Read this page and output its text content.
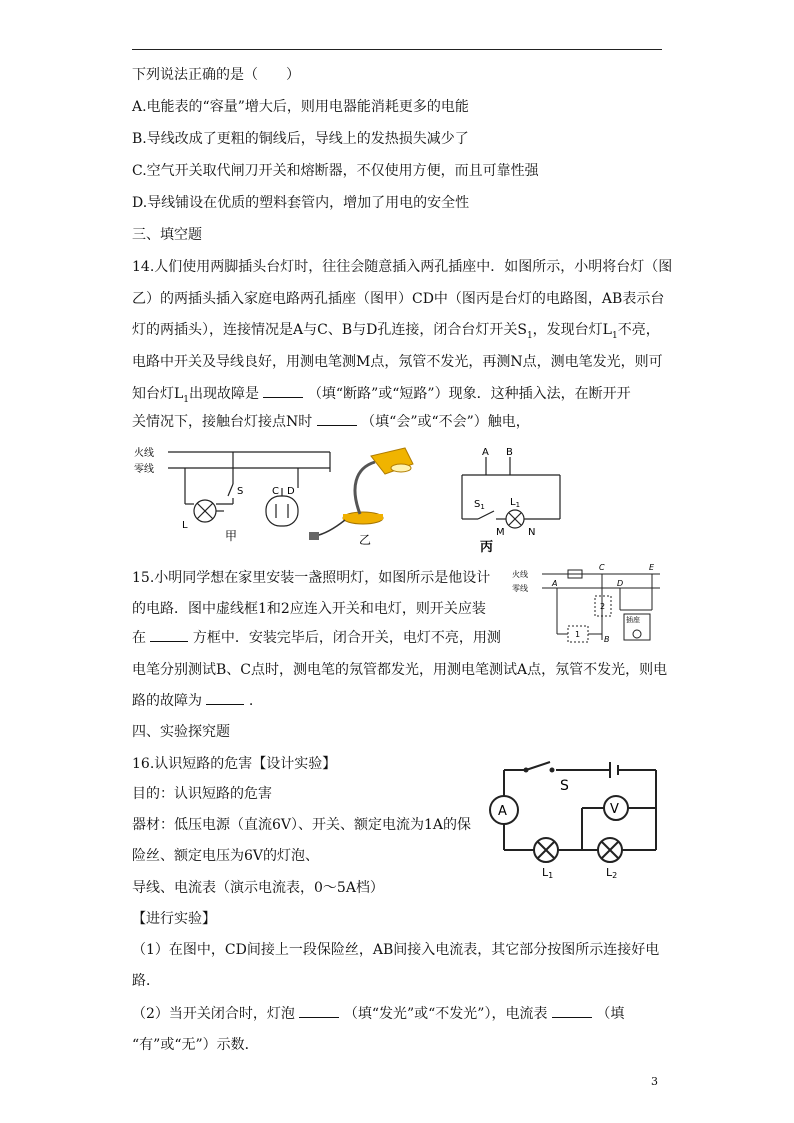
下列说法正确的是（　　）
A.电能表的“容量”增大后，则用电器能消耗更多的电能
B.导线改成了更粗的铜线后，导线上的发热损失减少了
C.空气开关取代闸刀开关和熔断器，不仅使用方便，而且可靠性强
D.导线铺设在优质的塑料套管内，增加了用电的安全性
三、填空题
14.人们使用两脚插头台灯时，往往会随意插入两孔插座中．如图所示，小明将台灯（图
乙）的两插头插入家庭电路两孔插座（图甲）CD中（图丙是台灯的电路图，AB表示台
灯的两插头），连接情况是A与C、B与D孔连接，闭合台灯开关$S_1$，发现台灯$L_1$不亮，
电路中开关及导线良好，用测电笔测M点，氖管不发光，再测N点，测电笔发光，则可
知台灯$L_1$出现故障是	（填“断路”或“短路”）现象．这种插入法，在断开开
关情况下，接触台灯接点N时	（填“会”或“不会”）触电，
火线
零线
C D
S
L
甲	乙
A B
$S_1$	$L_1$
M N
丙
15.小明同学想在家里安装一盏照明灯，如图所示是他设计
的电路．图中虚线框1和2应连入开关和电灯，则开关应装
在	方框中．安装完毕后，闭合开关，电灯不亮，用测
电笔分别测试B、C点时，测电笔的氖管都发光，用测电笔测试A点，氖管不发光，则电
路的故障为	.
火线
零线
A
B
C
D
E
1
2
插座
四、实验探究题
16.认识短路的危害【设计实验】
目的：认识短路的危害
器材：低压电源（直流6V）、开关、额定电流为1A的保
险丝、额定电压为6V的灯泡、
导线、电流表（演示电流表，0～5A档）
【进行实验】
（1）在图中，CD间接上一段保险丝，AB间接入电流表，其它部分按图所示连接好电
路．
（2）当开关闭合时，灯泡	（填“发光”或“不发光”），电流表	（填
“有”或“无”）示数．
S
A	V
L1	L2
3
